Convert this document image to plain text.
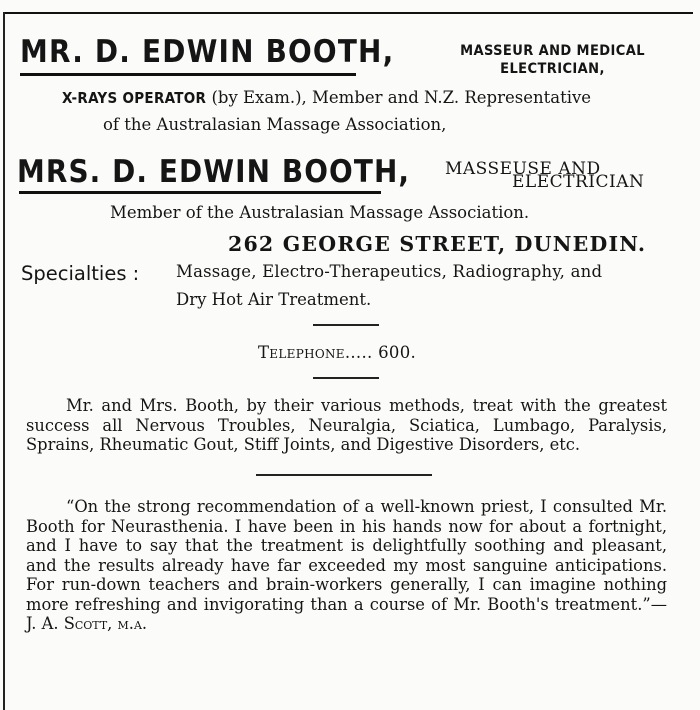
MR. D. EDWIN BOOTH,	MASSEUR AND MEDICAL ELECTRICIAN,
X-RAYS OPERATOR (by Exam.), Member and N.Z. Representative
of the Australasian Massage Association,
MRS. D. EDWIN BOOTH, MASSEUSE AND
ELECTRICIAN
Member of the Australasian Massage Association.
262 GEORGE STREET, DUNEDIN.
Specialties : Massage, Electro-Therapeutics, Radiography, and
Dry Hot Air Treatment.
Telephone..... 600.
Mr. and Mrs. Booth, by their various methods, treat with the greatest success all Nervous Troubles, Neuralgia, Sciatica, Lumbago, Paralysis, Sprains, Rheumatic Gout, Stiff Joints, and Digestive Disorders, etc.
“On the strong recommendation of a well-known priest, I consulted Mr. Booth for Neurasthenia. I have been in his hands now for about a fortnight, and I have to say that the treatment is delightfully soothing and pleasant, and the results already have far exceeded my most sanguine anticipations. For run-down teachers and brain-workers generally, I can imagine nothing more refreshing and invigorating than a course of Mr. Booth's treatment.”—J. A. Scott, m.a.
